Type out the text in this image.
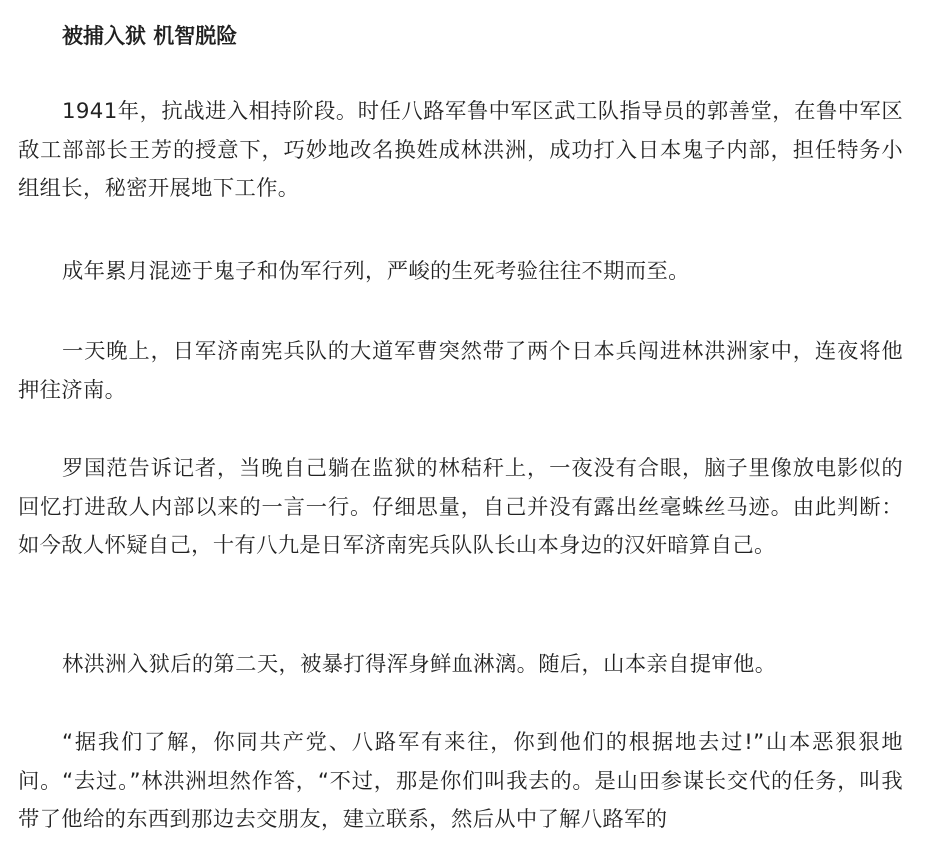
被捕入狱 机智脱险

1941年，抗战进入相持阶段。时任八路军鲁中军区武工队指导员的郭善堂，在鲁中军区敌工部部长王芳的授意下，巧妙地改名换姓成林洪洲，成功打入日本鬼子内部，担任特务小组组长，秘密开展地下工作。

成年累月混迹于鬼子和伪军行列，严峻的生死考验往往不期而至。

一天晚上，日军济南宪兵队的大道军曹突然带了两个日本兵闯进林洪洲家中，连夜将他押往济南。

罗国范告诉记者，当晚自己躺在监狱的林秸秆上，一夜没有合眼，脑子里像放电影似的回忆打进敌人内部以来的一言一行。仔细思量，自己并没有露出丝毫蛛丝马迹。由此判断：如今敌人怀疑自己，十有八九是日军济南宪兵队队长山本身边的汉奸暗算自己。

林洪洲入狱后的第二天，被暴打得浑身鲜血淋漓。随后，山本亲自提审他。

“据我们了解，你同共产党、八路军有来往，你到他们的根据地去过!”山本恶狠狠地问。“去过。”林洪洲坦然作答，“不过，那是你们叫我去的。是山田参谋长交代的任务，叫我带了他给的东西到那边去交朋友，建立联系，然后从中了解八路军的
